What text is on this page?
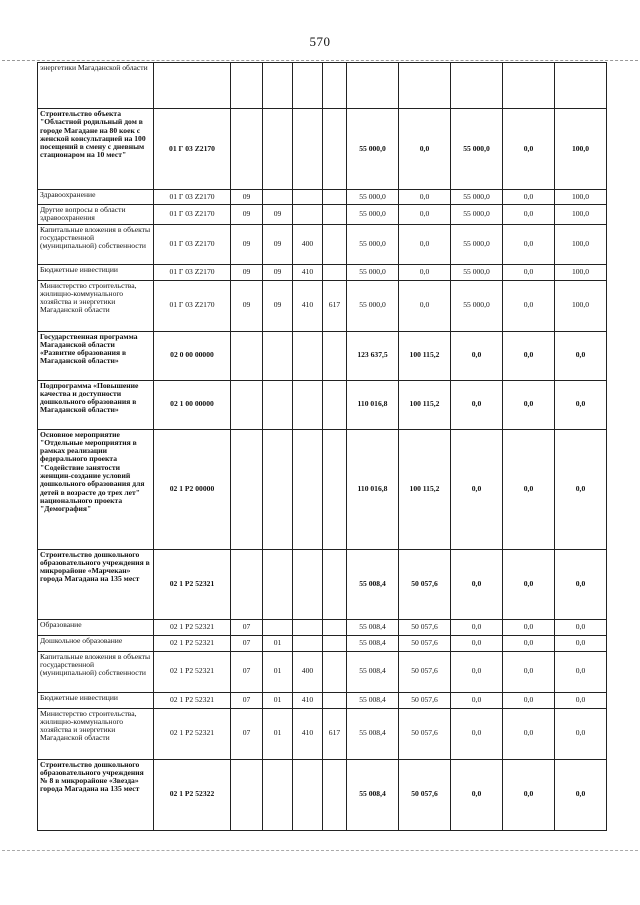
570
энергетики Магаданской области										
Строительство объекта "Областной родильный дом в городе Магадане на 80 коек с женской консультацией на 100 посещений в смену с дневным стационаром на 10 мест"	01 Г 03 Z2170					55 000,0	0,0	55 000,0	0,0	100,0
Здравоохранение	01 Г 03 Z2170	09				55 000,0	0,0	55 000,0	0,0	100,0
Другие вопросы в области здравоохранения	01 Г 03 Z2170	09	09			55 000,0	0,0	55 000,0	0,0	100,0
Капитальные вложения в объекты государственной (муниципальной) собственности	01 Г 03 Z2170	09	09	400		55 000,0	0,0	55 000,0	0,0	100,0
Бюджетные инвестиции	01 Г 03 Z2170	09	09	410		55 000,0	0,0	55 000,0	0,0	100,0
Министерство строительства, жилищно-коммунального хозяйства и энергетики Магаданской области	01 Г 03 Z2170	09	09	410	617	55 000,0	0,0	55 000,0	0,0	100,0
Государственная программа Магаданской области «Развитие образования в Магаданской области»	02 0 00 00000					123 637,5	100 115,2	0,0	0,0	0,0
Подпрограмма «Повышение качества и доступности дошкольного образования в Магаданской области»	02 1 00 00000					110 016,8	100 115,2	0,0	0,0	0,0
Основное мероприятие "Отдельные мероприятия в рамках реализации федерального проекта "Содействие занятости женщин-создание условий дошкольного образования для детей в возрасте до трех лет" национального проекта "Демография"	02 1 Р2 00000					110 016,8	100 115,2	0,0	0,0	0,0
Строительство дошкольного образовательного учреждения в микрорайоне «Марчекан» города Магадана на 135 мест	02 1 Р2 52321					55 008,4	50 057,6	0,0	0,0	0,0
Образование	02 1 Р2 52321	07				55 008,4	50 057,6	0,0	0,0	0,0
Дошкольное образование	02 1 Р2 52321	07	01			55 008,4	50 057,6	0,0	0,0	0,0
Капитальные вложения в объекты государственной (муниципальной) собственности	02 1 Р2 52321	07	01	400		55 008,4	50 057,6	0,0	0,0	0,0
Бюджетные инвестиции	02 1 Р2 52321	07	01	410		55 008,4	50 057,6	0,0	0,0	0,0
Министерство строительства, жилищно-коммунального хозяйства и энергетики Магаданской области	02 1 Р2 52321	07	01	410	617	55 008,4	50 057,6	0,0	0,0	0,0
Строительство дошкольного образовательного учреждения № 8 в микрорайоне «Звезда» города Магадана на 135 мест	02 1 Р2 52322					55 008,4	50 057,6	0,0	0,0	0,0
